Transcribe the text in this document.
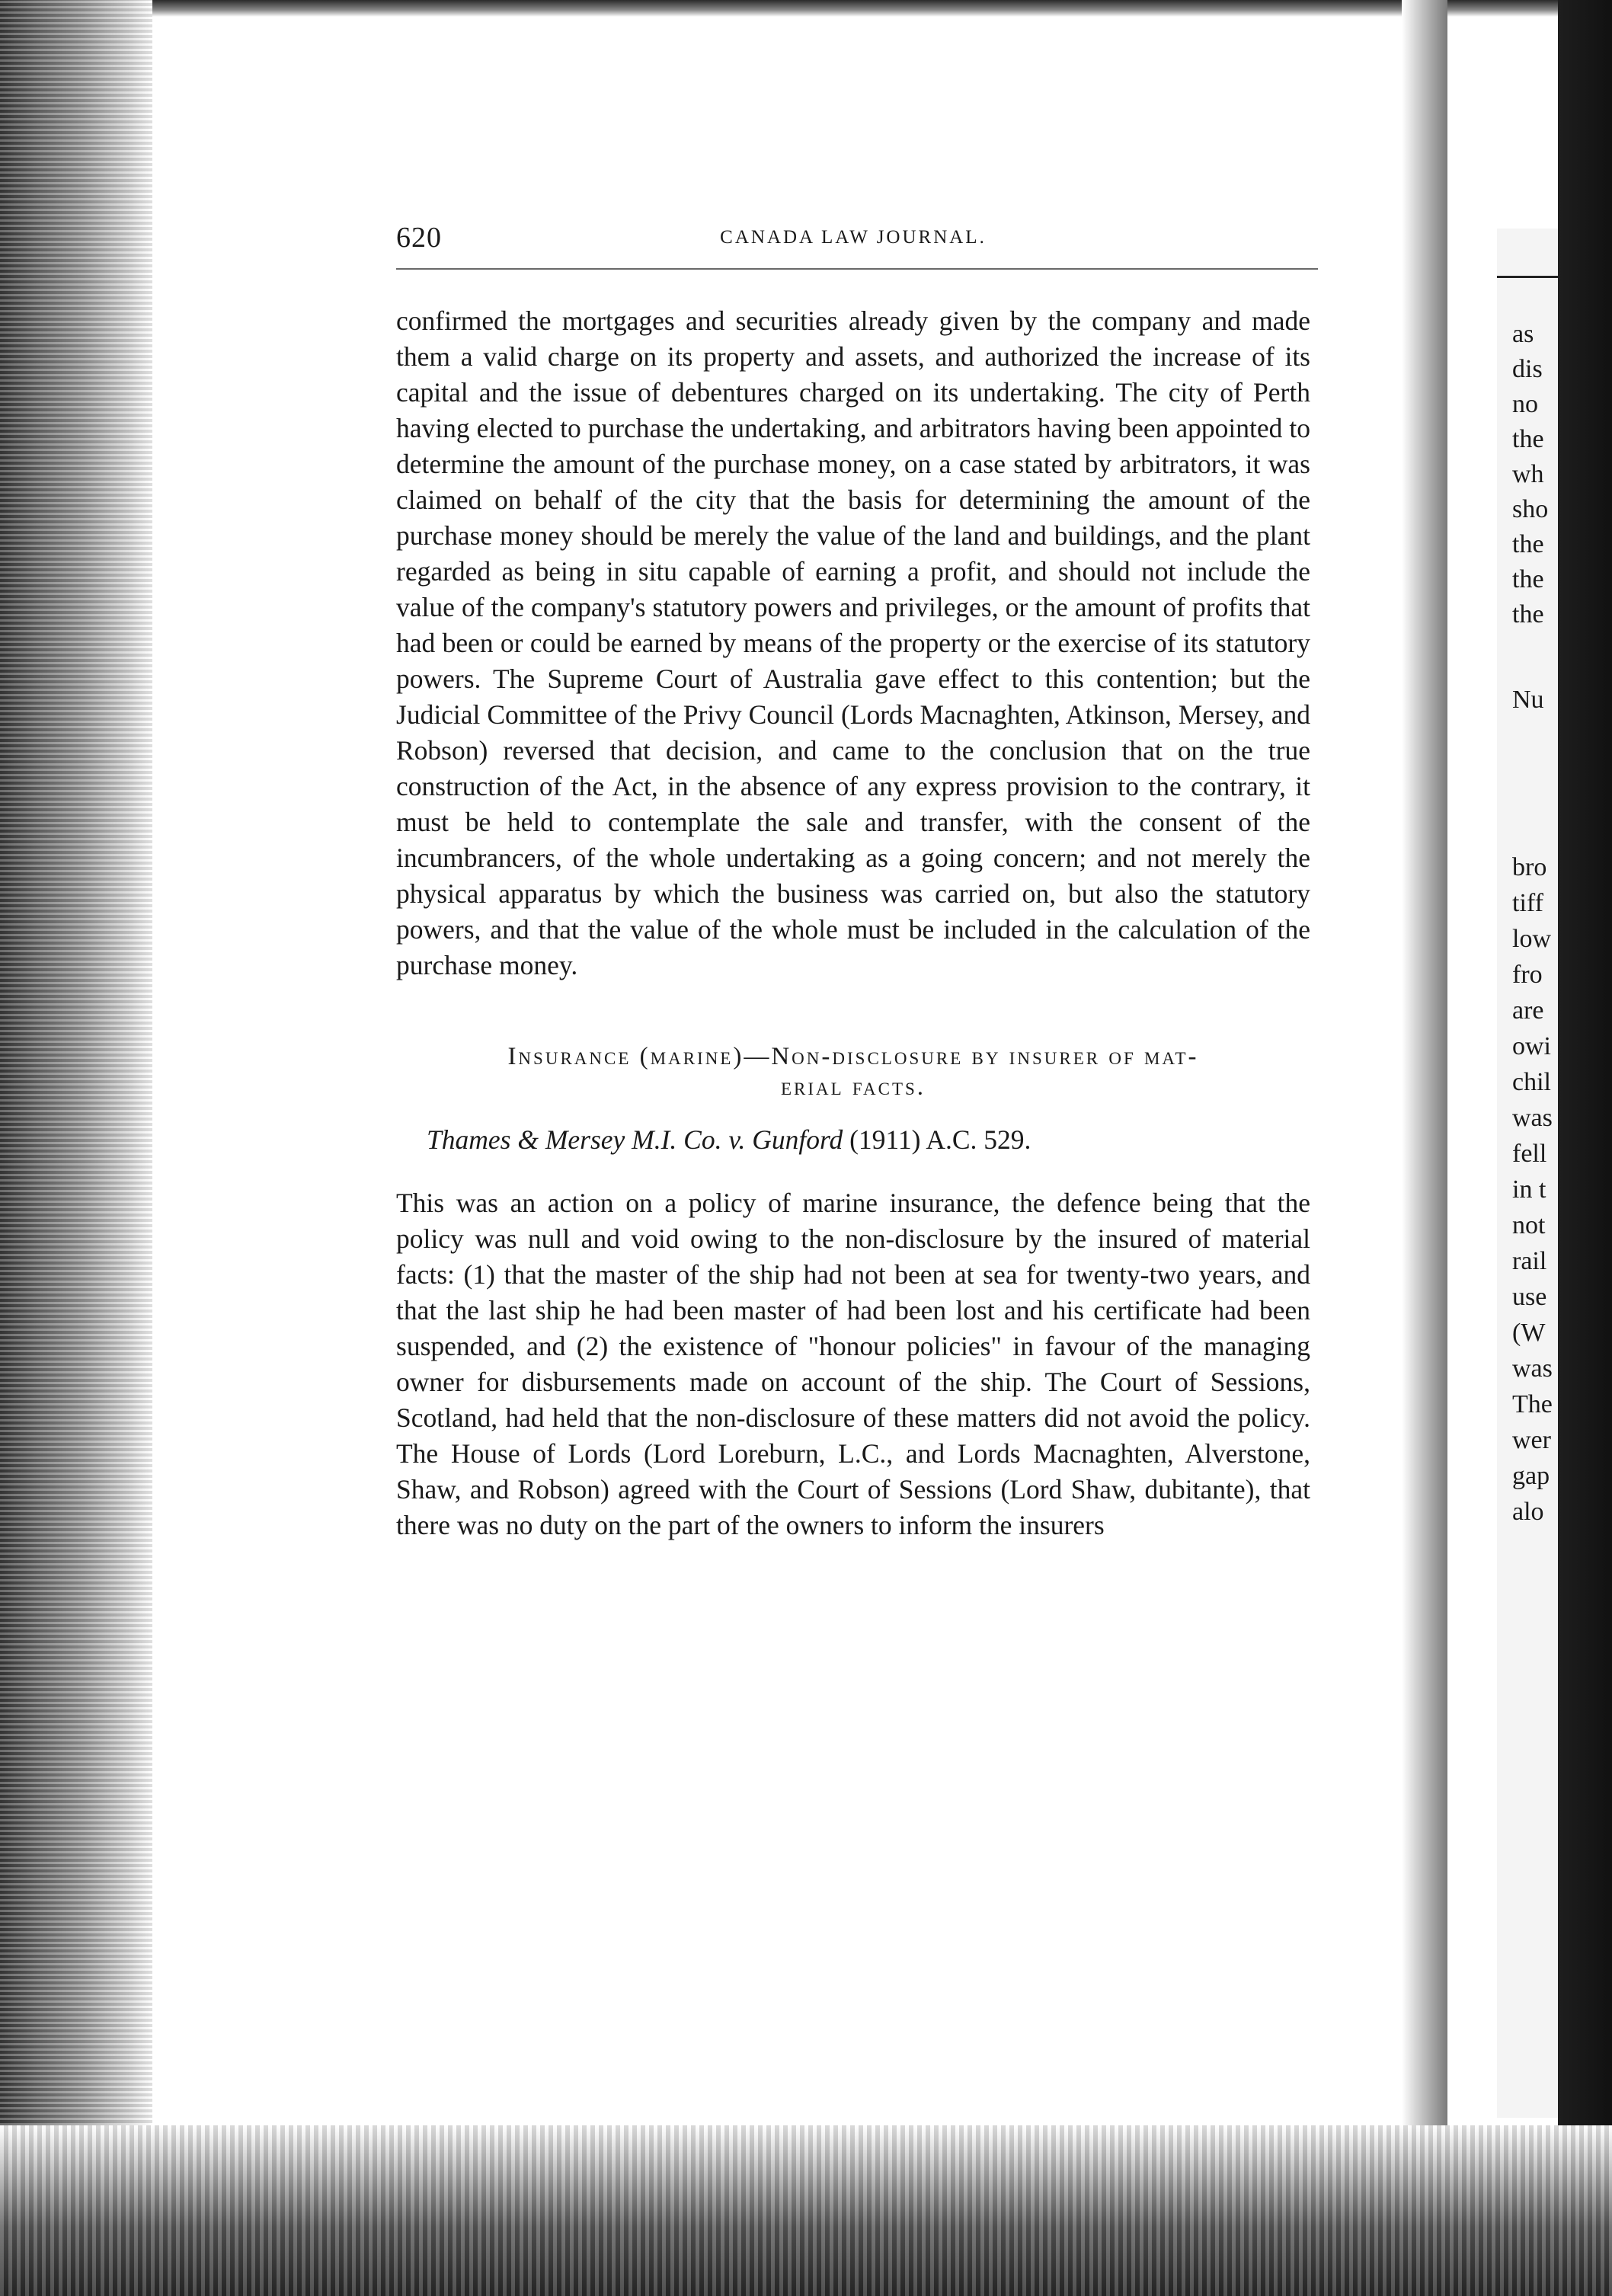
as
dis
no
the
wh
sho
the
the
the
Nu
bro
tiff
low
fro
are
owi
chil
was
fell
in t
not
rail
use
(W
was
The
wer
gap
alo
620	CANADA LAW JOURNAL.

confirmed the mortgages and securities already given by the company and made them a valid charge on its property and assets, and authorized the increase of its capital and the issue of debentures charged on its undertaking. The city of Perth having elected to purchase the undertaking, and arbitrators having been appointed to determine the amount of the purchase money, on a case stated by arbitrators, it was claimed on behalf of the city that the basis for determining the amount of the purchase money should be merely the value of the land and buildings, and the plant regarded as being in situ capable of earning a profit, and should not include the value of the company's statutory powers and privileges, or the amount of profits that had been or could be earned by means of the property or the exercise of its statutory powers. The Supreme Court of Australia gave effect to this contention; but the Judicial Committee of the Privy Council (Lords Macnaghten, Atkinson, Mersey, and Robson) reversed that decision, and came to the conclusion that on the true construction of the Act, in the absence of any express provision to the contrary, it must be held to contemplate the sale and transfer, with the consent of the incumbrancers, of the whole undertaking as a going concern; and not merely the physical apparatus by which the business was carried on, but also the statutory powers, and that the value of the whole must be included in the calculation of the purchase money.

Insurance (marine)—Non-disclosure by insurer of mat-
erial facts.

Thames & Mersey M.I. Co. v. Gunford (1911) A.C. 529.

This was an action on a policy of marine insurance, the defence being that the policy was null and void owing to the non-disclosure by the insured of material facts: (1) that the master of the ship had not been at sea for twenty-two years, and that the last ship he had been master of had been lost and his certificate had been suspended, and (2) the existence of "honour policies" in favour of the managing owner for disbursements made on account of the ship. The Court of Sessions, Scotland, had held that the non-disclosure of these matters did not avoid the policy. The House of Lords (Lord Loreburn, L.C., and Lords Macnaghten, Alverstone, Shaw, and Robson) agreed with the Court of Sessions (Lord Shaw, dubitante), that there was no duty on the part of the owners to inform the insurers
